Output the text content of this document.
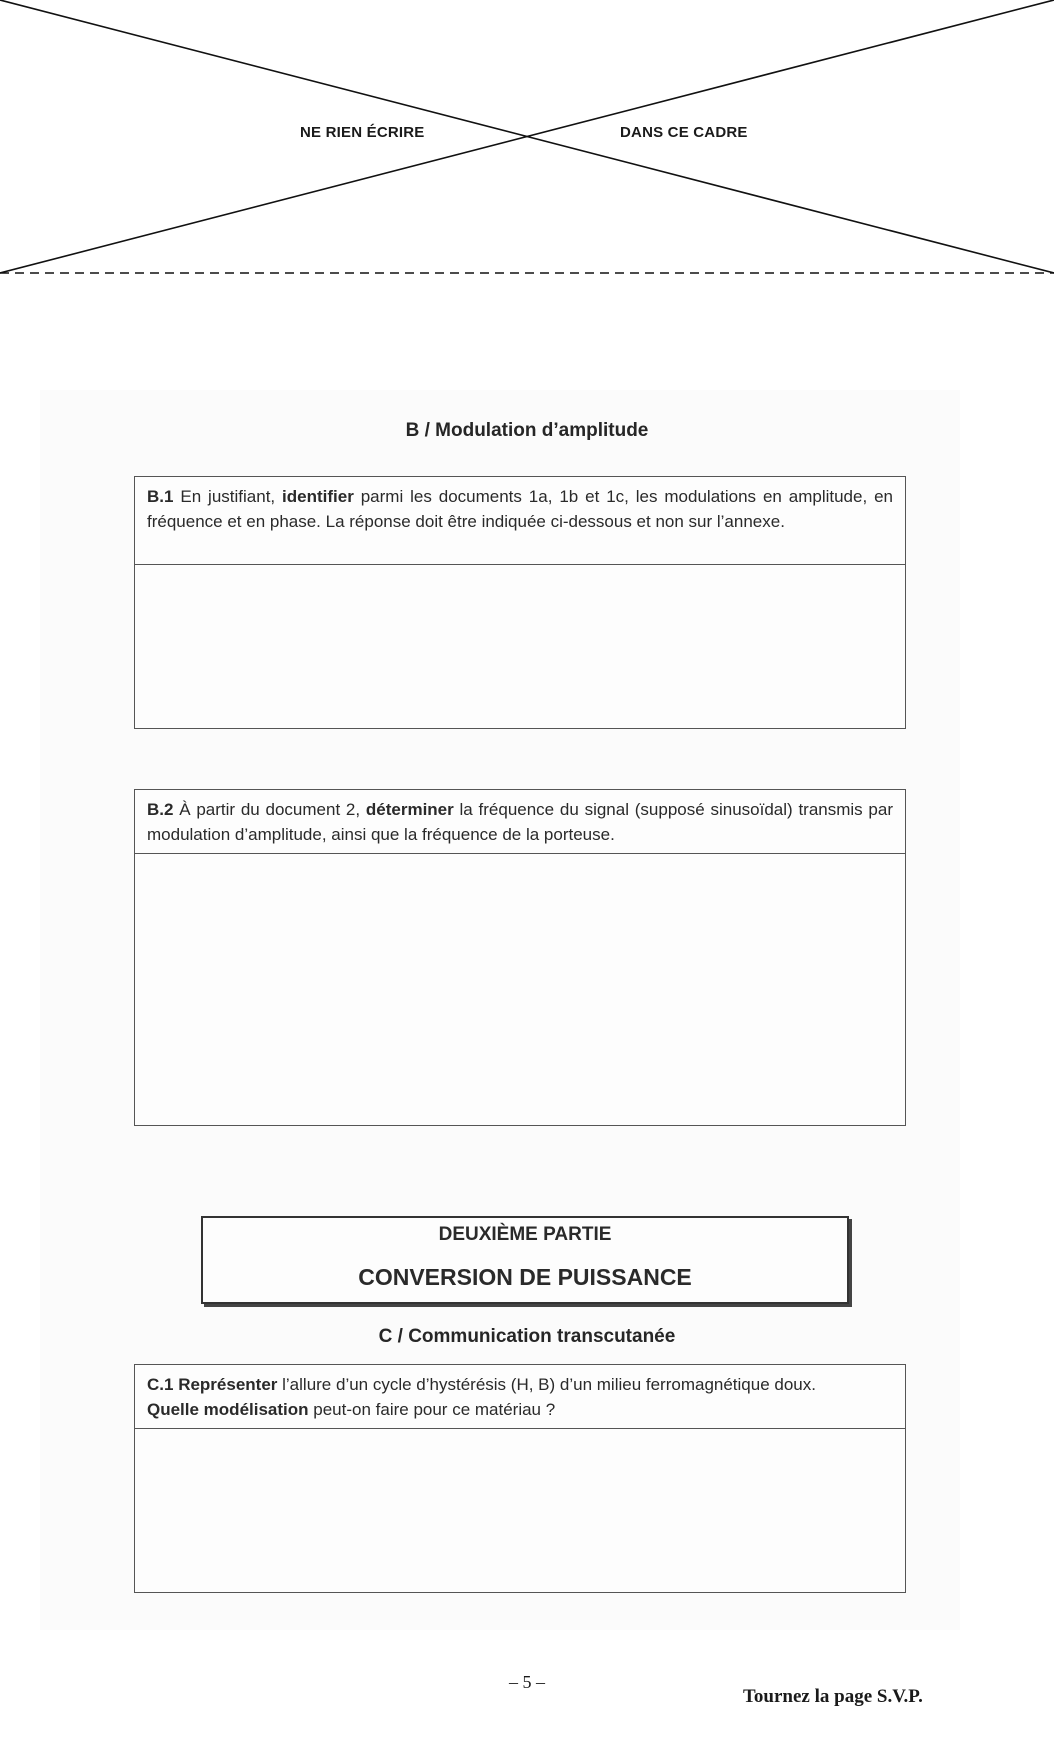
NE RIEN ÉCRIRE	DANS CE CADRE
B / Modulation d’amplitude
B.1 En justifiant, identifier parmi les documents 1a, 1b et 1c, les modulations en amplitude, en fréquence et en phase. La réponse doit être indiquée ci-dessous et non sur l’annexe.
B.2 À partir du document 2, déterminer la fréquence du signal (supposé sinusoïdal) transmis par modulation d’amplitude, ainsi que la fréquence de la porteuse.
DEUXIÈME PARTIE
CONVERSION DE PUISSANCE
C / Communication transcutanée
C.1 Représenter l’allure d’un cycle d’hystérésis (H, B) d’un milieu ferromagnétique doux.
Quelle modélisation peut-on faire pour ce matériau ?
– 5 –
Tournez la page S.V.P.
